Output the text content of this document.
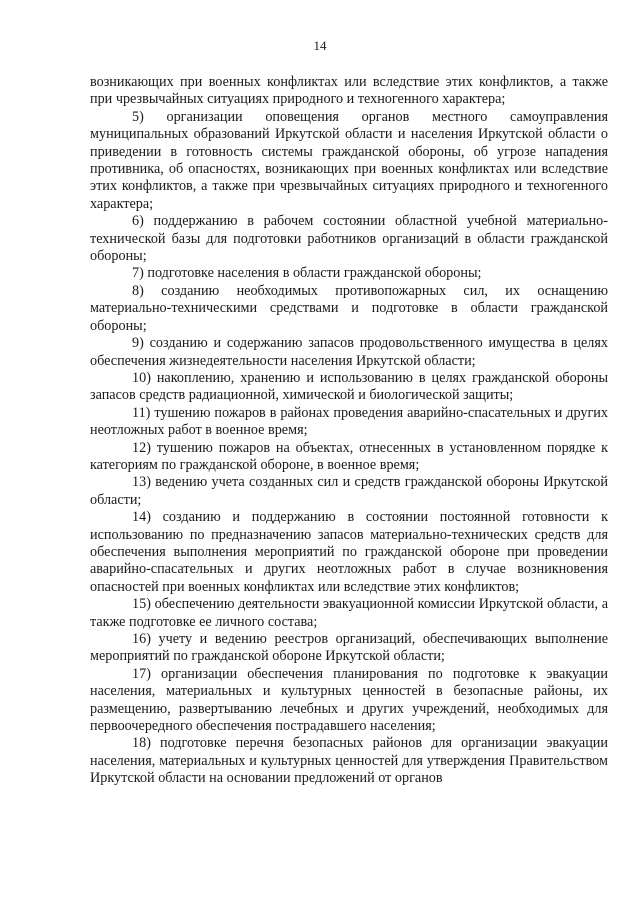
14

возникающих при военных конфликтах или вследствие этих конфликтов, а также при чрезвычайных ситуациях природного и техногенного характера;

5) организации оповещения органов местного самоуправления муниципальных образований Иркутской области и населения Иркутской области о приведении в готовность системы гражданской обороны, об угрозе нападения противника, об опасностях, возникающих при военных конфликтах или вследствие этих конфликтов, а также при чрезвычайных ситуациях природного и техногенного характера;

6) поддержанию в рабочем состоянии областной учебной материально-технической базы для подготовки работников организаций в области гражданской обороны;

7) подготовке населения в области гражданской обороны;

8) созданию необходимых противопожарных сил, их оснащению материально-техническими средствами и подготовке в области гражданской обороны;

9) созданию и содержанию запасов продовольственного имущества в целях обеспечения жизнедеятельности населения Иркутской области;

10) накоплению, хранению и использованию в целях гражданской обороны запасов средств радиационной, химической и биологической защиты;

11) тушению пожаров в районах проведения аварийно-спасательных и других неотложных работ в военное время;

12) тушению пожаров на объектах, отнесенных в установленном порядке к категориям по гражданской обороне, в военное время;

13) ведению учета созданных сил и средств гражданской обороны Иркутской области;

14) созданию и поддержанию в состоянии постоянной готовности к использованию по предназначению запасов материально-технических средств для обеспечения выполнения мероприятий по гражданской обороне при проведении аварийно-спасательных и других неотложных работ в случае возникновения опасностей при военных конфликтах или вследствие этих конфликтов;

15) обеспечению деятельности эвакуационной комиссии Иркутской области, а также подготовке ее личного состава;

16) учету и ведению реестров организаций, обеспечивающих выполнение мероприятий по гражданской обороне Иркутской области;

17) организации обеспечения планирования по подготовке к эвакуации населения, материальных и культурных ценностей в безопасные районы, их размещению, развертыванию лечебных и других учреждений, необходимых для первоочередного обеспечения пострадавшего населения;

18) подготовке перечня безопасных районов для организации эвакуации населения, материальных и культурных ценностей для утверждения Правительством Иркутской области на основании предложений от органов
